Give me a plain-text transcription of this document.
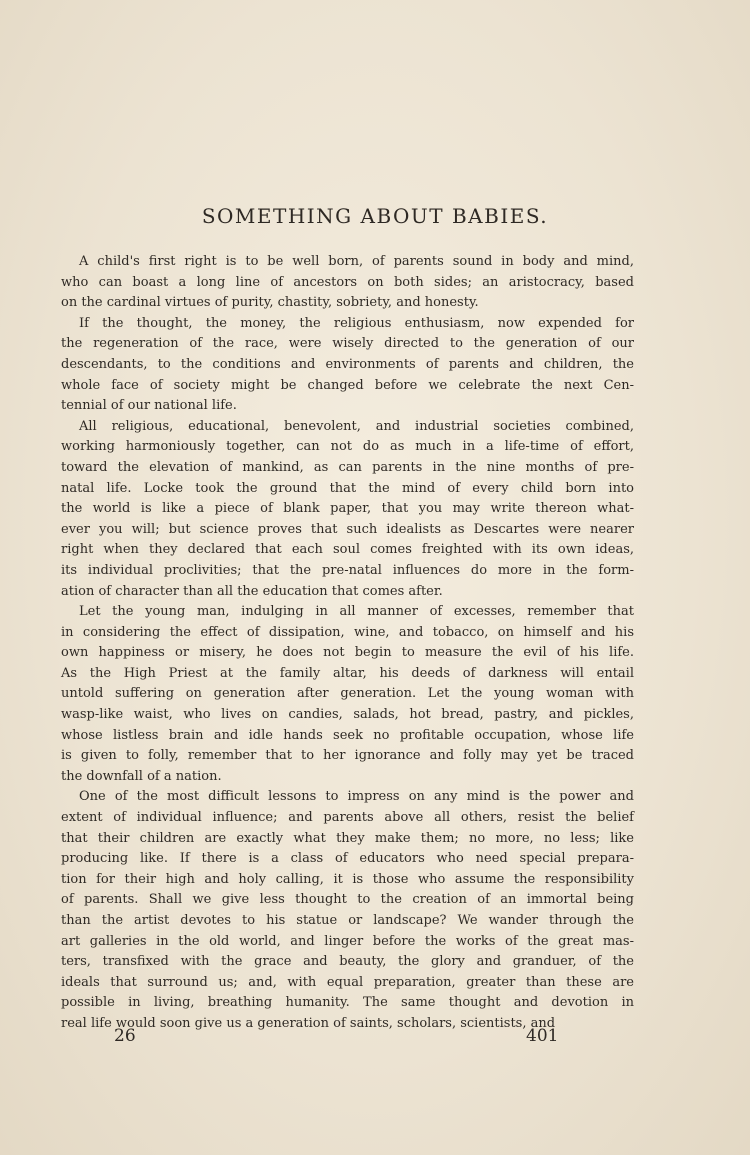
SOMETHING ABOUT BABIES.
A child's first right is to be well born, of parents sound in body and mind,
who can boast a long line of ancestors on both sides; an aristocracy, based
on the cardinal virtues of purity, chastity, sobriety, and honesty.
If the thought, the money, the religious enthusiasm, now expended for
the regeneration of the race, were wisely directed to the generation of our
descendants, to the conditions and environments of parents and children, the
whole face of society might be changed before we celebrate the next Cen-
tennial of our national life.
All religious, educational, benevolent, and industrial societies combined,
working harmoniously together, can not do as much in a life-time of effort,
toward the elevation of mankind, as can parents in the nine months of pre-
natal life. Locke took the ground that the mind of every child born into
the world is like a piece of blank paper, that you may write thereon what-
ever you will; but science proves that such idealists as Descartes were nearer
right when they declared that each soul comes freighted with its own ideas,
its individual proclivities; that the pre-natal influences do more in the form-
ation of character than all the education that comes after.
Let the young man, indulging in all manner of excesses, remember that
in considering the effect of dissipation, wine, and tobacco, on himself and his
own happiness or misery, he does not begin to measure the evil of his life.
As the High Priest at the family altar, his deeds of darkness will entail
untold suffering on generation after generation. Let the young woman with
wasp-like waist, who lives on candies, salads, hot bread, pastry, and pickles,
whose listless brain and idle hands seek no profitable occupation, whose life
is given to folly, remember that to her ignorance and folly may yet be traced
the downfall of a nation.
One of the most difficult lessons to impress on any mind is the power and
extent of individual influence; and parents above all others, resist the belief
that their children are exactly what they make them; no more, no less; like
producing like. If there is a class of educators who need special prepara-
tion for their high and holy calling, it is those who assume the responsibility
of parents. Shall we give less thought to the creation of an immortal being
than the artist devotes to his statue or landscape? We wander through the
art galleries in the old world, and linger before the works of the great mas-
ters, transfixed with the grace and beauty, the glory and granduer, of the
ideals that surround us; and, with equal preparation, greater than these are
possible in living, breathing humanity. The same thought and devotion in
real life would soon give us a generation of saints, scholars, scientists, and
26	401
